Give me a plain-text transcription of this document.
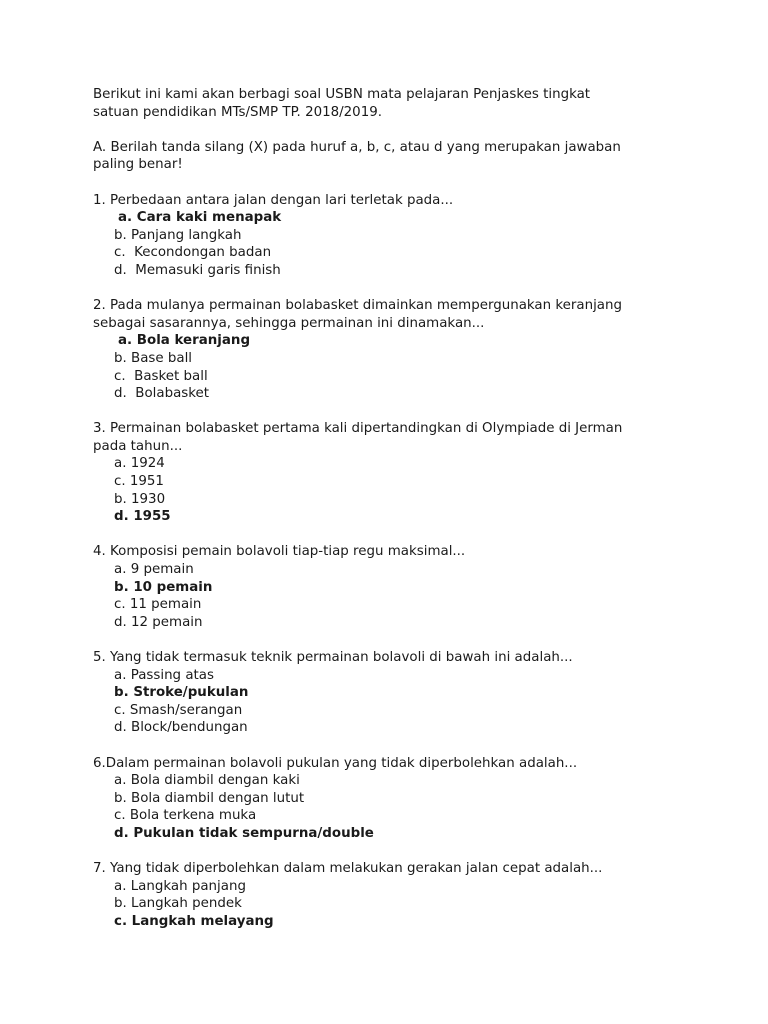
Berikut ini kami akan berbagi soal USBN mata pelajaran Penjaskes tingkat

satuan pendidikan MTs/SMP TP. 2018/2019.

A. Berilah tanda silang (X) pada huruf a, b, c, atau d yang merupakan jawaban

paling benar!

1. Perbedaan antara jalan dengan lari terletak pada...

a. Cara kaki menapak
b. Panjang langkah
c.  Kecondongan badan
d.  Memasuki garis finish

2. Pada mulanya permainan bolabasket dimainkan mempergunakan keranjang

sebagai sasarannya, sehingga permainan ini dinamakan...

a. Bola keranjang
b. Base ball
c.  Basket ball
d.  Bolabasket

3. Permainan bolabasket pertama kali dipertandingkan di Olympiade di Jerman

pada tahun...

a. 1924
c. 1951
b. 1930
d. 1955

4. Komposisi pemain bolavoli tiap-tiap regu maksimal...

a. 9 pemain
b. 10 pemain
c. 11 pemain
d. 12 pemain

5. Yang tidak termasuk teknik permainan bolavoli di bawah ini adalah...

a. Passing atas
b. Stroke/pukulan
c. Smash/serangan
d. Block/bendungan

6.Dalam permainan bolavoli pukulan yang tidak diperbolehkan adalah...

a. Bola diambil dengan kaki
b. Bola diambil dengan lutut
c. Bola terkena muka
d. Pukulan tidak sempurna/double

7. Yang tidak diperbolehkan dalam melakukan gerakan jalan cepat adalah...

a. Langkah panjang
b. Langkah pendek
c. Langkah melayang
